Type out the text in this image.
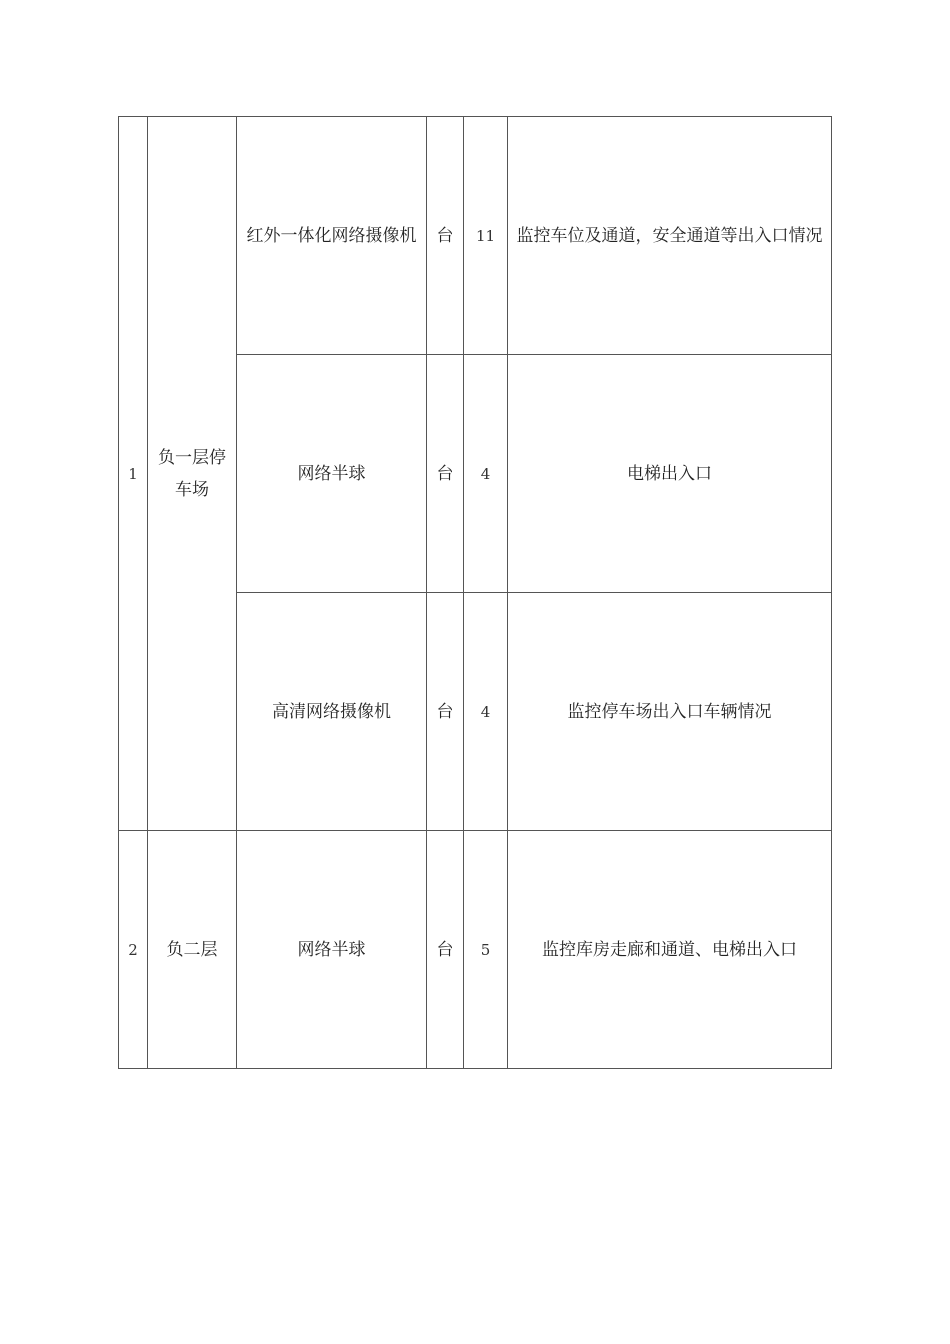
1	负一层停车场	红外一体化网络摄像机	台	11	监控车位及通道，安全通道等出入口情况
		网络半球	台	4	电梯出入口
		高清网络摄像机	台	4	监控停车场出入口车辆情况
2	负二层	网络半球	台	5	监控库房走廊和通道、电梯出入口
